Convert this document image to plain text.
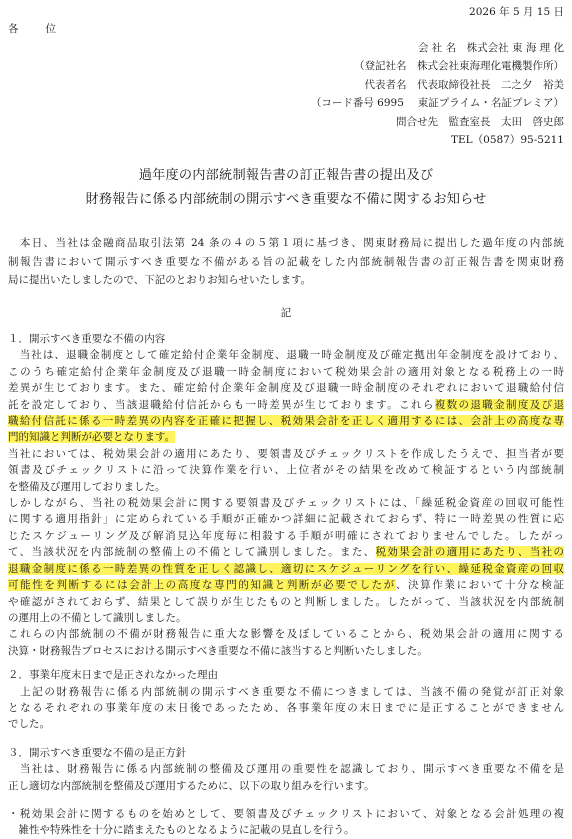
2026 年 5 月 15 日
各　　位
会 社 名　株式会社 東 海 理 化
（登記社名　株式会社東海理化電機製作所）
代表者名　代表取締役社長　二之夕　裕美
（コード番号 6995　 東証プライム・名証プレミア）
問合せ先　監査室長　太田　啓史郎
TEL（0587）95-5211
過年度の内部統制報告書の訂正報告書の提出及び
財務報告に係る内部統制の開示すべき重要な不備に関するお知らせ
　本日、当社は金融商品取引法第 24 条の４の５第１項に基づき、関東財務局に提出した過年度の内部統
制報告書において開示すべき重要な不備がある旨の記載をした内部統制報告書の訂正報告書を関東財務
局に提出いたしましたので、下記のとおりお知らせいたします。
記
１．開示すべき重要な不備の内容
　当社は、退職金制度として確定給付企業年金制度、退職一時金制度及び確定拠出年金制度を設けており、
このうち確定給付企業年金制度及び退職一時金制度において税効果会計の適用対象となる税務上の一時
差異が生じております。また、確定給付企業年金制度及び退職一時金制度のそれぞれにおいて退職給付信
託を設定しており、当該退職給付信託からも一時差異が生じております。これら複数の退職金制度及び退
職給付信託に係る一時差異の内容を正確に把握し、税効果会計を正しく適用するには、会計上の高度な専
門的知識と判断が必要となります。
当社においては、税効果会計の適用にあたり、要領書及びチェックリストを作成したうえで、担当者が要
領書及びチェックリストに沿って決算作業を行い、上位者がその結果を改めて検証するという内部統制
を整備及び運用しておりました。
しかしながら、当社の税効果会計に関する要領書及びチェックリストには、「繰延税金資産の回収可能性
に関する適用指針」に定められている手順が正確かつ詳細に記載されておらず、特に一時差異の性質に応
じたスケジューリング及び解消見込年度毎に相殺する手順が明確にされておりませんでした。したがっ
て、当該状況を内部統制の整備上の不備として識別しました。また、税効果会計の適用にあたり、当社の
退職金制度に係る一時差異の性質を正しく認識し、適切にスケジューリングを行い、繰延税金資産の回収
可能性を判断するには会計上の高度な専門的知識と判断が必要でしたが、決算作業において十分な検証
や確認がされておらず、結果として誤りが生じたものと判断しました。したがって、当該状況を内部統制
の運用上の不備として識別しました。
これらの内部統制の不備が財務報告に重大な影響を及ぼしていることから、税効果会計の適用に関する
決算・財務報告プロセスにおける開示すべき重要な不備に該当すると判断いたしました。
２．事業年度末日まで是正されなかった理由
　上記の財務報告に係る内部統制の開示すべき重要な不備につきましては、当該不備の発覚が訂正対象
となるそれぞれの事業年度の末日後であったため、各事業年度の末日までに是正することができません
でした。
３．開示すべき重要な不備の是正方針
　当社は、財務報告に係る内部統制の整備及び運用の重要性を認識しており、開示すべき重要な不備を是
正し適切な内部統制を整備及び運用するために、以下の取り組みを行います。
・税効果会計に関するものを始めとして、要領書及びチェックリストにおいて、対象となる会計処理の複
　雑性や特殊性を十分に踏まえたものとなるように記載の見直しを行う。
